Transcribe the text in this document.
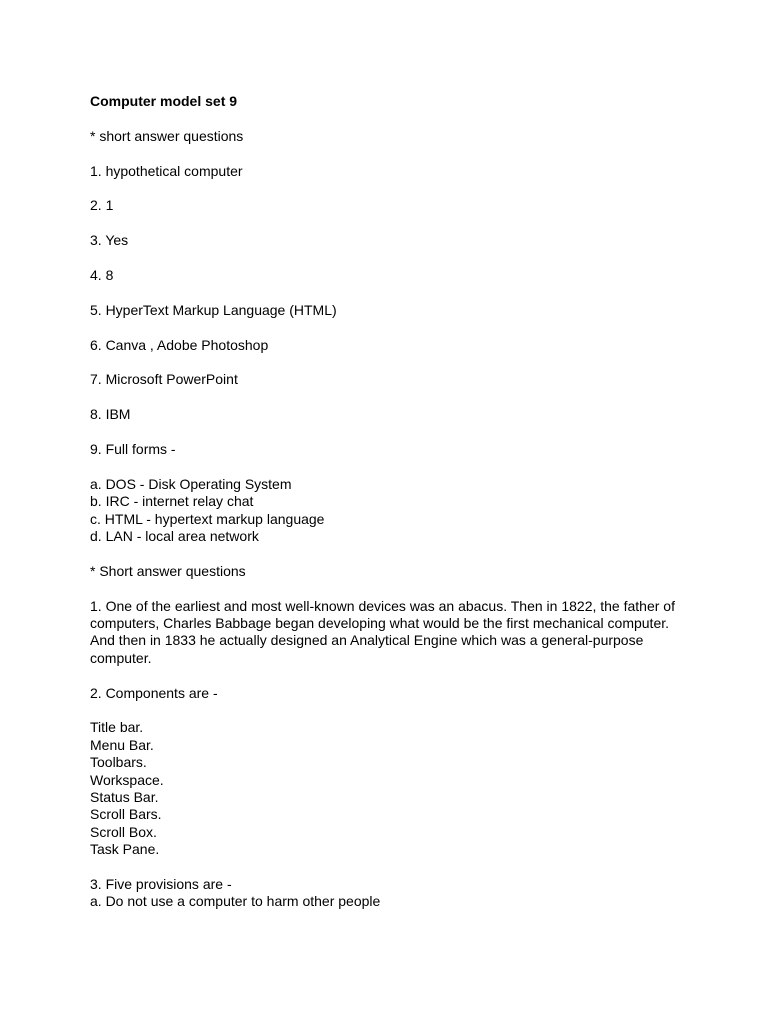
Computer model set 9

* short answer questions

1. hypothetical computer

2. 1

3. Yes

4. 8

5. HyperText Markup Language (HTML)

6. Canva , Adobe Photoshop

7. Microsoft PowerPoint

8. IBM

9. Full forms -

a. DOS - Disk Operating System
b. IRC - internet relay chat
c. HTML - hypertext markup language
d. LAN - local area network

* Short answer questions

1. One of the earliest and most well-known devices was an abacus. Then in 1822, the father of
computers, Charles Babbage began developing what would be the first mechanical computer.
And then in 1833 he actually designed an Analytical Engine which was a general-purpose
computer.

2. Components are -

Title bar.
Menu Bar.
Toolbars.
Workspace.
Status Bar.
Scroll Bars.
Scroll Box.
Task Pane.
3. Five provisions are -
a. Do not use a computer to harm other people
